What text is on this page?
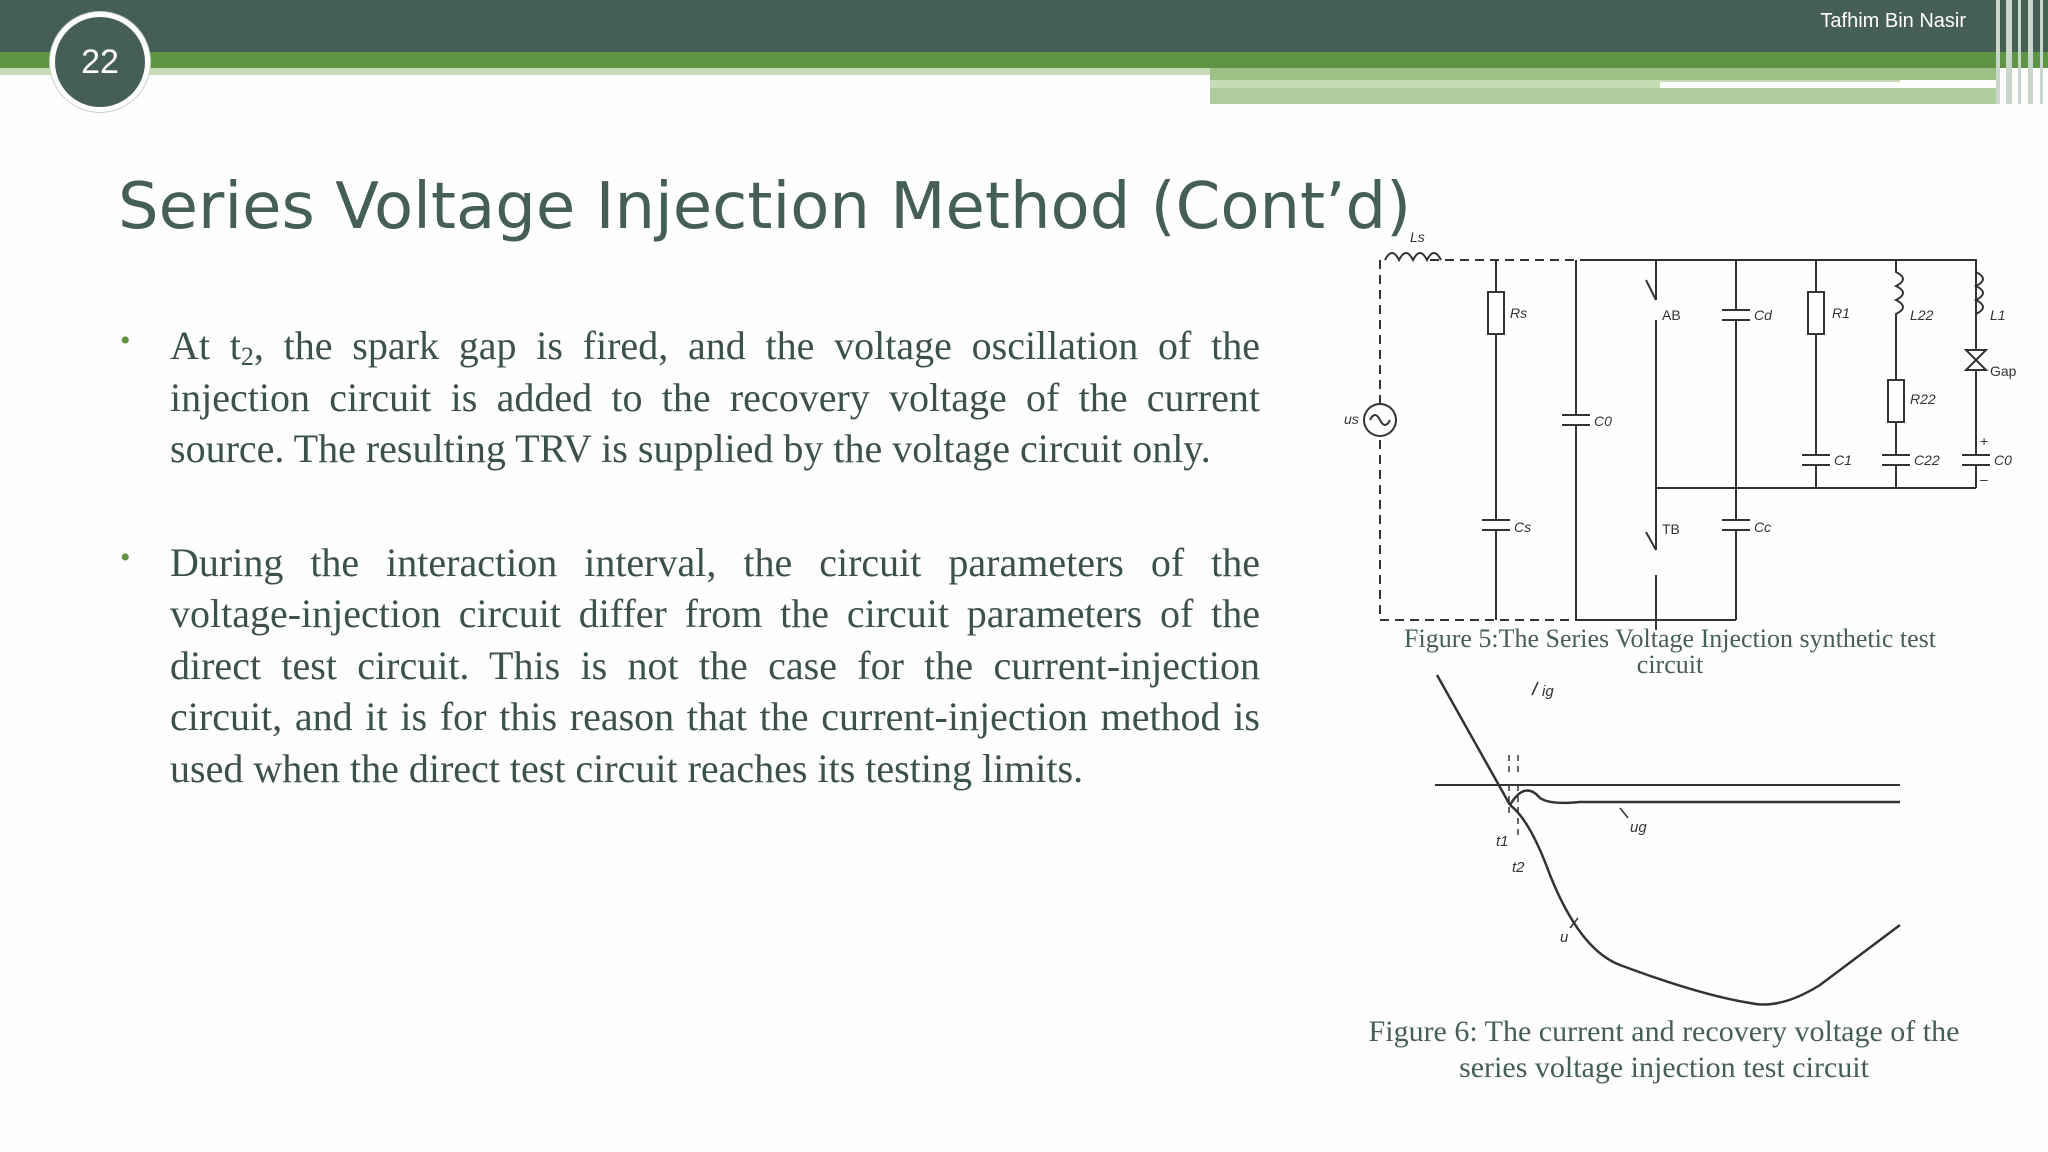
Tafhim Bin Nasir
22
Series Voltage Injection Method (Cont’d)
• At $t_2$, the spark gap is fired, and the voltage oscillation of the injection circuit is added to the recovery voltage of the current source. The resulting TRV is supplied by the voltage circuit only.
• During the interaction interval, the circuit parameters of the voltage-injection circuit differ from the circuit parameters of the direct test circuit. This is not the case for the current-injection circuit, and it is for this reason that the current-injection method is used when the direct test circuit reaches its testing limits.
Ls
Rs
Cs
us	C0
AB
TB
Cd
Cc
R1
C1
L22
R22
C22
L1
Gap
C0
+
–
Figure 5:The Series Voltage Injection synthetic test circuit
ig
ug
t1
t2
u
Figure 6: The current and recovery voltage of the series voltage injection test circuit
